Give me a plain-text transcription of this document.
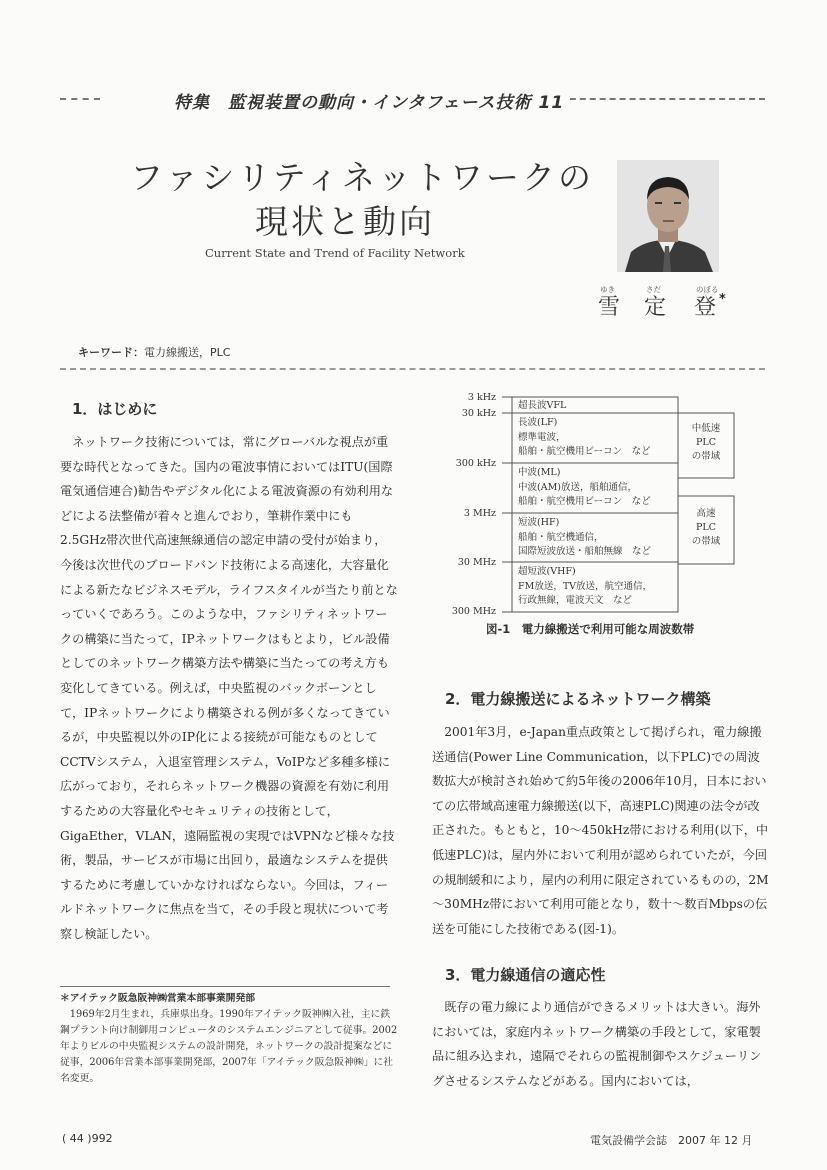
特集　監視装置の動向・インタフェース技術 11
ファシリティネットワークの
現状と動向
Current State and Trend of Facility Network
ゆき	さだ	のぼる
雪 定 登 *
キーワード：電力線搬送，PLC
1．はじめに

ネットワーク技術については，常にグローバルな視点が重要な時代となってきた。国内の電波事情においてはITU(国際電気通信連合)勧告やデジタル化による電波資源の有効利用などによる法整備が着々と進んでおり，筆耕作業中にも2.5GHz帯次世代高速無線通信の認定申請の受付が始まり，今後は次世代のブロードバンド技術による高速化，大容量化による新たなビジネスモデル，ライフスタイルが当たり前となっていくであろう。このような中，ファシリティネットワークの構築に当たって，IPネットワークはもとより，ビル設備としてのネットワーク構築方法や構築に当たっての考え方も変化してきている。例えば，中央監視のバックボーンとして，IPネットワークにより構築される例が多くなってきているが，中央監視以外のIP化による接続が可能なものとしてCCTVシステム，入退室管理システム，VoIPなど多種多様に広がっており，それらネットワーク機器の資源を有効に利用するための大容量化やセキュリティの技術として，GigaEther，VLAN，遠隔監視の実現ではVPNなど様々な技術，製品，サービスが市場に出回り，最適なシステムを提供するために考慮していかなければならない。今回は，フィールドネットワークに焦点を当て，その手段と現状について考察し検証したい。

3 kHz
30 kHz
300 kHz
3 MHz
30 MHz
300 MHz
超長波VFL
長波(LF)
標準電波，
船舶・航空機用ビーコン　など
中波(ML)
中波(AM)放送，船舶通信，
船舶・航空機用ビーコン　など
短波(HF)
船舶・航空機通信，
国際短波放送・船舶無線　など
超短波(VHF)
FM放送，TV放送，航空通信，
行政無線，電波天文　など
中低速
PLC
の帯域
高速
PLC
の帯域
図-1　電力線搬送で利用可能な周波数帯
2．電力線搬送によるネットワーク構築

2001年3月，e-Japan重点政策として掲げられ，電力線搬送通信(Power Line Communication，以下PLC)での周波数拡大が検討され始めて約5年後の2006年10月，日本においての広帯域高速電力線搬送(以下，高速PLC)関連の法令が改正された。もともと，10～450kHz帯における利用(以下，中低速PLC)は，屋内外において利用が認められていたが，今回の規制緩和により，屋内の利用に限定されているものの，2M～30MHz帯において利用可能となり，数十～数百Mbpsの伝送を可能にした技術である(図-1)。

3．電力線通信の適応性

既存の電力線により通信ができるメリットは大きい。海外においては，家庭内ネットワーク構築の手段として，家電製品に組み込まれ，遠隔でそれらの監視制御やスケジューリングさせるシステムなどがある。国内においては，

＊アイテック阪急阪神㈱営業本部事業開発部
1969年2月生まれ，兵庫県出身。1990年アイテック阪神㈱入社，主に鉄鋼プラント向け制御用コンピュータのシステムエンジニアとして従事。2002年よりビルの中央監視システムの設計開発，ネットワークの設計提案などに従事，2006年営業本部事業開発部，2007年「アイテック阪急阪神㈱」に社名変更。
( 44 )992	電気設備学会誌　2007 年 12 月
